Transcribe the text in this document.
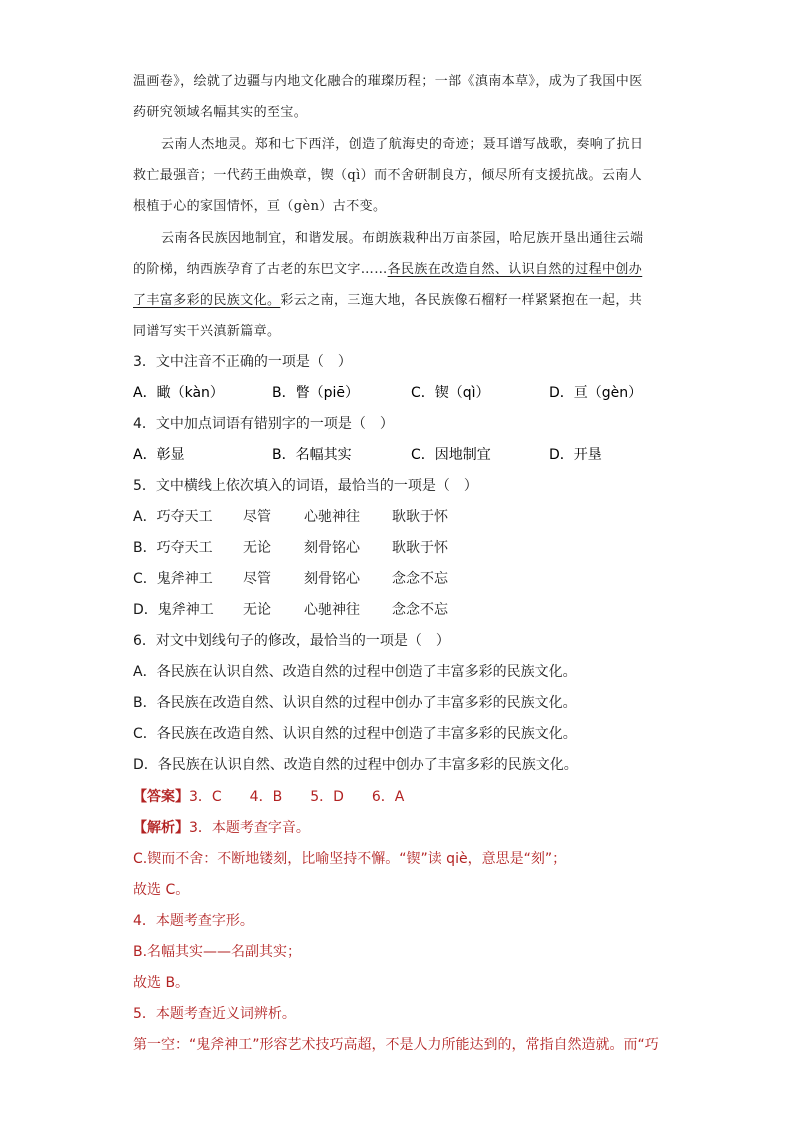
温画卷》，绘就了边疆与内地文化融合的璀璨历程；一部《滇南本草》，成为了我国中医
药研究领域名幅其实的至宝。
云南人杰地灵。郑和七下西洋，创造了航海史的奇迹；聂耳谱写战歌，奏响了抗日
救亡最强音；一代药王曲焕章，锲（qì）而不舍研制良方，倾尽所有支援抗战。云南人
根植于心的家国情怀，亘（gèn）古不变。
云南各民族因地制宜，和谐发展。布朗族栽种出万亩茶园，哈尼族开垦出通往云端
的阶梯，纳西族孕育了古老的东巴文字……各民族在改造自然、认识自然的过程中创办
了丰富多彩的民族文化。彩云之南，三迤大地，各民族像石榴籽一样紧紧抱在一起，共
同谱写实干兴滇新篇章。
3．文中注音不正确的一项是（　）
A．瞰（kàn）	B．瞥（piē）	C．锲（qì）	D．亘（gèn）
4．文中加点词语有错别字的一项是（　）
A．彰显	B．名幅其实	C．因地制宜	D．开垦
5．文中横线上依次填入的词语，最恰当的一项是（　）
A．巧夺天工 尽管 心驰神往 耿耿于怀
B．巧夺天工 无论 刻骨铭心 耿耿于怀
C．鬼斧神工 尽管 刻骨铭心 念念不忘
D．鬼斧神工 无论 心驰神往 念念不忘
6．对文中划线句子的修改，最恰当的一项是（　）
A．各民族在认识自然、改造自然的过程中创造了丰富多彩的民族文化。
B．各民族在改造自然、认识自然的过程中创办了丰富多彩的民族文化。
C．各民族在改造自然、认识自然的过程中创造了丰富多彩的民族文化。
D．各民族在认识自然、改造自然的过程中创办了丰富多彩的民族文化。
【答案】3．C　　4．B　　5．D　　6．A
【解析】3．本题考查字音。
C.锲而不舍：不断地镂刻，比喻坚持不懈。“锲”读 qiè，意思是“刻”；
故选 C。
4．本题考查字形。
B.名幅其实——名副其实；
故选 B。
5．本题考查近义词辨析。
第一空：“鬼斧神工”形容艺术技巧高超，不是人力所能达到的，常指自然造就。而“巧
